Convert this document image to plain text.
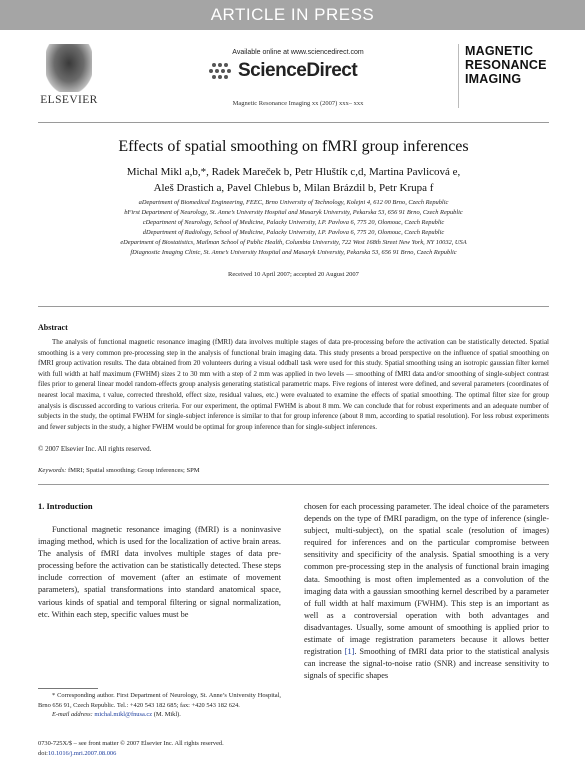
ARTICLE IN PRESS
ELSEVIER
Available online at www.sciencedirect.com
ScienceDirect
Magnetic Resonance Imaging xx (2007) xxx– xxx
MAGNETIC
RESONANCE
IMAGING
Effects of spatial smoothing on fMRI group inferences
Michal Mikl a,b,*, Radek Mareček b, Petr Hluštík c,d, Martina Pavlicová e,
Aleš Drastich a, Pavel Chlebus b, Milan Brázdil b, Petr Krupa f
aDepartment of Biomedical Engineering, FEEC, Brno University of Technology, Kolejni 4, 612 00 Brno, Czech Republic
bFirst Department of Neurology, St. Anne’s University Hospital and Masaryk University, Pekarska 53, 656 91 Brno, Czech Republic
cDepartment of Neurology, School of Medicine, Palacky University, I.P. Pavlova 6, 775 20, Olomouc, Czech Republic
dDepartment of Radiology, School of Medicine, Palacky University, I.P. Pavlova 6, 775 20, Olomouc, Czech Republic
eDepartment of Biostatistics, Mailman School of Public Health, Columbia University, 722 West 168th Street New York, NY 10032, USA
fDiagnostic Imaging Clinic, St. Anne’s University Hospital and Masaryk University, Pekarska 53, 656 91 Brno, Czech Republic
Received 10 April 2007; accepted 20 August 2007
Abstract
The analysis of functional magnetic resonance imaging (fMRI) data involves multiple stages of data pre-processing before the activation can be statistically detected. Spatial smoothing is a very common pre-processing step in the analysis of functional brain imaging data. This study presents a broad perspective on the influence of spatial smoothing on fMRI group activation results. The data obtained from 20 volunteers during a visual oddball task were used for this study. Spatial smoothing using an isotropic gaussian filter kernel with full width at half maximum (FWHM) sizes 2 to 30 mm with a step of 2 mm was applied in two levels — smoothing of fMRI data and/or smoothing of single-subject contrast files prior to general linear model random-effects group analysis generating statistical parametric maps. Five regions of interest were defined, and several parameters (coordinates of nearest local maxima, t value, corrected threshold, effect size, residual values, etc.) were evaluated to examine the effects of spatial smoothing. The optimal filter size for group analysis is discussed according to various criteria. For our experiment, the optimal FWHM is about 8 mm. We can conclude that for robust experiments and an adequate number of subjects in the study, the optimal FWHM for single-subject inference is similar to that for group inference (about 8 mm, according to spatial resolution). For less robust experiments and fewer subjects in the study, a higher FWHM would be optimal for group inference than for single-subject inferences.
© 2007 Elsevier Inc. All rights reserved.
Keywords: fMRI; Spatial smoothing; Group inferences; SPM
1. Introduction
Functional magnetic resonance imaging (fMRI) is a noninvasive imaging method, which is used for the localization of active brain areas. The analysis of fMRI data involves multiple stages of data pre-processing before the activation can be statistically detected. These steps include correction of movement (after an estimate of movement parameters), spatial transformations into standard anatomical space, various kinds of spatial and temporal filtering or signal normalization, etc. Within each step, specific values must be
chosen for each processing parameter. The ideal choice of the parameters depends on the type of fMRI paradigm, on the type of inference (single-subject, multi-subject), on the spatial scale (resolution of images) required for inferences and on the particular compromise between sensitivity and specificity of the analysis. Spatial smoothing is a very common pre-processing step in the analysis of functional brain imaging data. Smoothing is most often implemented as a convolution of the imaging data with a gaussian smoothing kernel described by a parameter of full width at half maximum (FWHM). This step is an important as well as a controversial operation with both advantages and disadvantages. Usually, some amount of smoothing is applied prior to estimate of image registration parameters because it allows better registration [1]. Smoothing of fMRI data prior to the statistical analysis can increase the signal-to-noise ratio (SNR) and increase sensitivity to signals of specific shapes
* Corresponding author. First Department of Neurology, St. Anne’s University Hospital, Brno 656 91, Czech Republic. Tel.: +420 543 182 685; fax: +420 543 182 624.
E-mail address: michal.mikl@fnusa.cz (M. Mikl).
0730-725X/$ – see front matter © 2007 Elsevier Inc. All rights reserved.
doi:10.1016/j.mri.2007.08.006
